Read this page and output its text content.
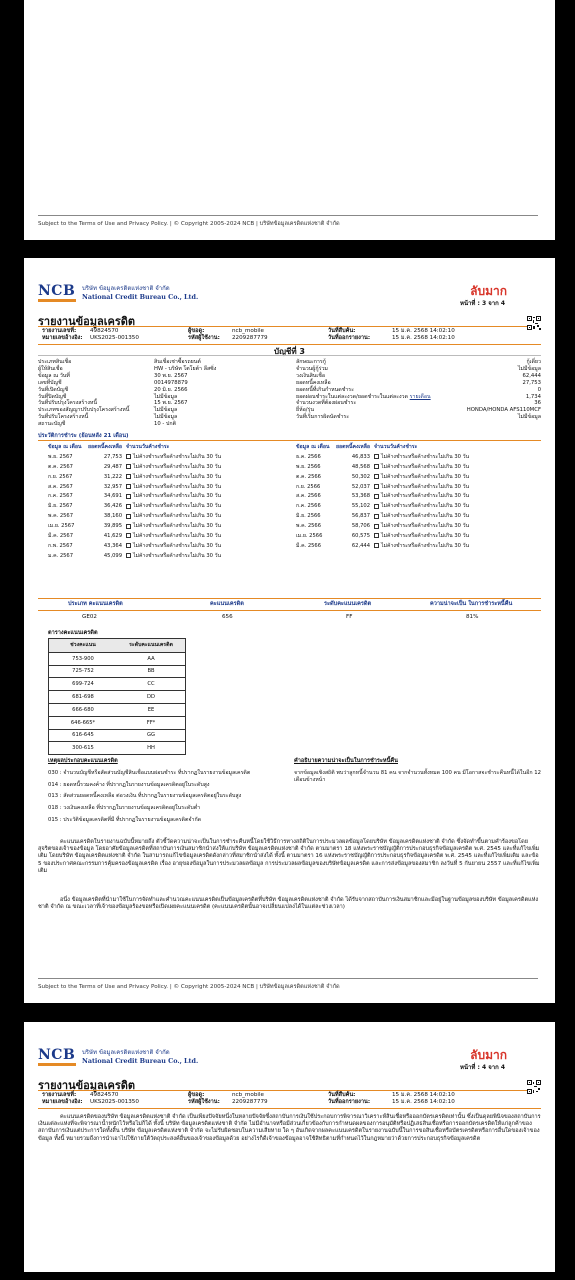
Subject to the Terms of Use and Privacy Policy. | © Copyright 2005-2024 NCB | บริษัทข้อมูลเครดิตแห่งชาติ จำกัด
NCB บริษัท ข้อมูลเครดิตแห่งชาติ จำกัด
National Credit Bureau Co., Ltd.	ลับมาก
หน้าที่ : 3 จาก 4
รายงานข้อมูลเครดิต
รายงานเลขที่: 49824570
หมายเลขอ้างอิง: UKS2025-001350
ผู้ขอดู:	ncb_mobile
รหัสผู้ใช้งาน: 2209287779
วันที่สืบค้น:	15 ม.ค. 2568 14:02:10
วันที่ออกรายงาน:	15 ม.ค. 2568 14:02:10
บัญชีที่ 3
ประเภทสินเชื่อ	สินเชื่อเช่าซื้อรถยนต์
ผู้ให้สินเชื่อ	HW - บริษัท โตโยต้า ลีสซิ่ง
ข้อมูล ณ วันที่	30 พ.ย. 2567
เลขที่บัญชี	0014978879
วันที่เปิดบัญชี	20 มิ.ย. 2566
วันที่ปิดบัญชี	ไม่มีข้อมูล
วันที่ปรับปรุงโครงสร้างหนี้	15 พ.ย. 2567
ประเภทของสัญญาปรับปรุงโครงสร้างหนี้	ไม่มีข้อมูล
วันที่ปรับโครงสร้างหนี้	ไม่มีข้อมูล
สถานะบัญชี	10 - ปกติ
ลักษณะการกู้	กู้เดี่ยว
จำนวนผู้กู้ร่วม	ไม่มีข้อมูล
วงเงินสินเชื่อ	62,444
ยอดหนี้คงเหลือ	27,753
ยอดหนี้ที่เกินกำหนดชำระ	0
ยอดผ่อนชำระในแต่ละงวด/ยอดชำระในแต่ละงวด รายเดือน	1,734
จำนวนงวดที่ต้องผ่อนชำระ	36
ยี่ห้อ/รุ่น	HONDA/HONDA AFS110MCF
วันที่เริ่มการผิดนัดชำระ	ไม่มีข้อมูล
ประวัติการชำระ (ย้อนหลัง 21 เดือน)
ข้อมูล ณ เดือน	ยอดหนี้คงเหลือ จำนวนวันค้างชำระ
พ.ย. 2567	27,753	ไม่ค้างชำระหรือค้างชำระไม่เกิน 30 วัน
ต.ค. 2567	29,487	ไม่ค้างชำระหรือค้างชำระไม่เกิน 30 วัน
ก.ย. 2567	31,222	ไม่ค้างชำระหรือค้างชำระไม่เกิน 30 วัน
ส.ค. 2567	32,957	ไม่ค้างชำระหรือค้างชำระไม่เกิน 30 วัน
ก.ค. 2567	34,691	ไม่ค้างชำระหรือค้างชำระไม่เกิน 30 วัน
มิ.ย. 2567	36,426	ไม่ค้างชำระหรือค้างชำระไม่เกิน 30 วัน
พ.ค. 2567	38,160	ไม่ค้างชำระหรือค้างชำระไม่เกิน 30 วัน
เม.ย. 2567	39,895	ไม่ค้างชำระหรือค้างชำระไม่เกิน 30 วัน
มี.ค. 2567	41,629	ไม่ค้างชำระหรือค้างชำระไม่เกิน 30 วัน
ก.พ. 2567	43,364	ไม่ค้างชำระหรือค้างชำระไม่เกิน 30 วัน
ม.ค. 2567	45,099	ไม่ค้างชำระหรือค้างชำระไม่เกิน 30 วัน
ข้อมูล ณ เดือน	ยอดหนี้คงเหลือ จำนวนวันค้างชำระ
ธ.ค. 2566	46,833	ไม่ค้างชำระหรือค้างชำระไม่เกิน 30 วัน
พ.ย. 2566	48,568	ไม่ค้างชำระหรือค้างชำระไม่เกิน 30 วัน
ต.ค. 2566	50,302	ไม่ค้างชำระหรือค้างชำระไม่เกิน 30 วัน
ก.ย. 2566	52,037	ไม่ค้างชำระหรือค้างชำระไม่เกิน 30 วัน
ส.ค. 2566	53,368	ไม่ค้างชำระหรือค้างชำระไม่เกิน 30 วัน
ก.ค. 2566	55,102	ไม่ค้างชำระหรือค้างชำระไม่เกิน 30 วัน
มิ.ย. 2566	56,837	ไม่ค้างชำระหรือค้างชำระไม่เกิน 30 วัน
พ.ค. 2566	58,706	ไม่ค้างชำระหรือค้างชำระไม่เกิน 30 วัน
เม.ย. 2566	60,575	ไม่ค้างชำระหรือค้างชำระไม่เกิน 30 วัน
มี.ค. 2566	62,444	ไม่ค้างชำระหรือค้างชำระไม่เกิน 30 วัน
ประเภท คะแนนเครดิต	คะแนนเครดิต	ระดับคะแนนเครดิต	ความน่าจะเป็น ในการชำระหนี้คืน
GE02	656	FF	81%
ตารางคะแนนเครดิต
ช่วงคะแนน	ระดับคะแนนเครดิต
753-900	AA
725-752	BB
699-724	CC
681-698	DD
666-680	EE
646-665*	FF*
616-645	GG
300-615	HH
เหตุผลประกอบคะแนนเครดิต
030 : จำนวนบัญชีหรือสัดส่วนบัญชีสินเชื่อแบบผ่อนชำระ ที่ปรากฏในรายงานข้อมูลเครดิต
014 : ยอดหนี้รวมคงค้าง ที่ปรากฏในรายงานข้อมูลเครดิตอยู่ในระดับสูง
013 : สัดส่วนยอดหนี้คงเหลือ ต่อวงเงิน ที่ปรากฏในรายงานข้อมูลเครดิตอยู่ในระดับสูง
018 : วงเงินคงเหลือ ที่ปรากฏในรายงานข้อมูลเครดิตอยู่ในระดับต่ำ
015 : ประวัติข้อมูลเครดิตที่มี ที่ปรากฏในรายงานข้อมูลเครดิตจำกัด
คำอธิบายความน่าจะเป็นในการชำระหนี้คืน
จากข้อมูลเชิงสถิติ พบว่าลูกหนี้จำนวน 81 คน จากจำนวนทั้งหมด 100 คน มีโอกาสจะชำระคืนหนี้ได้ในอีก 12 เดือนข้างหน้า
คะแนนเครดิตในรายงานฉบับนี้หมายถึง ตัวชี้วัดความน่าจะเป็นในการชำระคืนหนี้โดยใช้วิธีการทางสถิติในการประมวลผลข้อมูลโดยบริษัท ข้อมูลเครดิตแห่งชาติ จำกัด ซึ่งจัดทำขึ้นตามคำร้องขอโดยสุจริตของเจ้าของข้อมูล โดยอาศัยข้อมูลเครดิตที่สถาบันการเงินสมาชิกนำส่งให้แก่บริษัท ข้อมูลเครดิตแห่งชาติ จำกัด ตามมาตรา 18 แห่งพระราชบัญญัติการประกอบธุรกิจข้อมูลเครดิต พ.ศ. 2545 และที่แก้ไขเพิ่มเติม โดยบริษัท ข้อมูลเครดิตแห่งชาติ จำกัด ในสามารถแก้ไขข้อมูลเครดิตดังกล่าวที่สมาชิกนำส่งได้ ทั้งนี้ ตามมาตรา 16 แห่งพระราชบัญญัติการประกอบธุรกิจข้อมูลเครดิต พ.ศ. 2545 และที่แก้ไขเพิ่มเติม และข้อ 5 ของประกาศคณะกรรมการคุ้มครองข้อมูลเครดิต เรื่อง อายุของข้อมูลในการประมวลผลข้อมูล การประมวลผลข้อมูลของบริษัทข้อมูลเครดิต และการส่งข้อมูลของสมาชิก ลงวันที่ 5 กันยายน 2557 และที่แก้ไขเพิ่มเติม
อนึ่ง ข้อมูลเครดิตที่นำมาใช้ในการจัดทำและคำนวณคะแนนเครดิตเป็นข้อมูลเครดิตที่บริษัท ข้อมูลเครดิตแห่งชาติ จำกัด ได้รับจากสถาบันการเงินสมาชิกและมีอยู่ในฐานข้อมูลของบริษัท ข้อมูลเครดิตแห่งชาติ จำกัด ณ ขณะเวลาที่เจ้าของข้อมูลร้องขอหรือเปิดเผยคะแนนเครดิต (คะแนนเครดิตนั้นอาจเปลี่ยนแปลงได้ในแต่ละช่วงเวลา)
Subject to the Terms of Use and Privacy Policy. | © Copyright 2005-2024 NCB | บริษัทข้อมูลเครดิตแห่งชาติ จำกัด
NCB บริษัท ข้อมูลเครดิตแห่งชาติ จำกัด
National Credit Bureau Co., Ltd.	ลับมาก
หน้าที่ : 4 จาก 4
รายงานข้อมูลเครดิต
รายงานเลขที่: 49824570
หมายเลขอ้างอิง: UKS2025-001350
ผู้ขอดู:	ncb_mobile
รหัสผู้ใช้งาน: 2209287779
วันที่สืบค้น:	15 ม.ค. 2568 14:02:10
วันที่ออกรายงาน:	15 ม.ค. 2568 14:02:10
คะแนนเครดิตของบริษัท ข้อมูลเครดิตแห่งชาติ จำกัด เป็นเพียงปัจจัยหนึ่งในหลายปัจจัยซึ่งสถาบันการเงินใช้ประกอบการพิจารณาวิเคราะห์สินเชื่อหรือออกบัตรเครดิตเท่านั้น ซึ่งเป็นดุลยพินิจของสถาบันการเงินแต่ละแห่งที่จะพิจารณาน้ำหนักไว้หรือไม่ก็ได้ ทั้งนี้ บริษัท ข้อมูลเครดิตแห่งชาติ จำกัด ไม่มีอำนาจหรือมีส่วนเกี่ยวข้องกับการกำหนดผลของการอนุมัติหรือปฏิเสธสินเชื่อหรือการออกบัตรเครดิตให้แก่ลูกค้าของสถาบันการเงินแต่ประการใดทั้งสิ้น บริษัท ข้อมูลเครดิตแห่งชาติ จำกัด จะไม่รับผิดชอบในความเสียหาย ใด ๆ อันเกิดจากผลคะแนนเครดิตในรายงานฉบับนี้ในการขอสินเชื่อหรือบัตรเครดิตหรือการอื่นใดของเจ้าของข้อมูล ทั้งนี้ หมายรวมถึงการนำเอาไปใช้ภายใต้วัตถุประสงค์อื่นของเจ้าของข้อมูลด้วย อย่างไรก็ดีเจ้าของข้อมูลอาจใช้สิทธิตามที่กำหนดไว้ในกฎหมายว่าด้วยการประกอบธุรกิจข้อมูลเครดิต
